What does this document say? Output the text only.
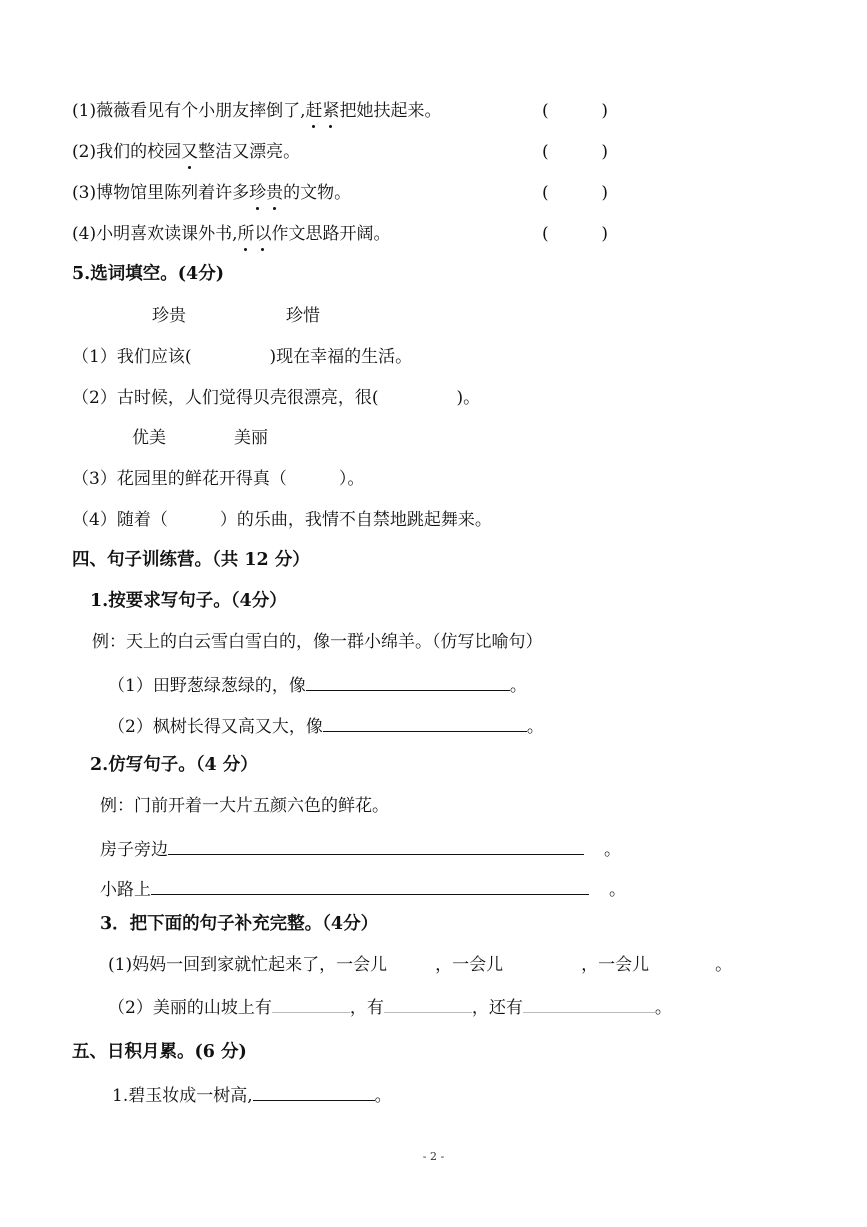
(1)薇薇看见有个小朋友摔倒了,赶紧把她扶起来。	(	)
(2)我们的校园又整洁又漂亮。	(	)
(3)博物馆里陈列着许多珍贵的文物。	(	)
(4)小明喜欢读课外书,所以作文思路开阔。	(	)
5.选词填空。(4分)
珍贵	珍惜
（1）我们应该(	)现在幸福的生活。
（2）古时候，人们觉得贝壳很漂亮，很(	)。
优美	美丽
（3）花园里的鲜花开得真（	）。
（4）随着（	）的乐曲，我情不自禁地跳起舞来。
四、句子训练营。（共 12 分）
1.按要求写句子。（4分）
例：天上的白云雪白雪白的，像一群小绵羊。（仿写比喻句）
（1）田野葱绿葱绿的，像	。
（2）枫树长得又高又大，像	。
2.仿写句子。（4 分）
例：门前开着一大片五颜六色的鲜花。
房子旁边	。
小路上	。
3．把下面的句子补充完整。（4分）
(1)妈妈一回到家就忙起来了，一会儿	，一会儿	，一会儿	。
（2）美丽的山坡上有	，有	，还有	。
五、日积月累。(6 分)
1.碧玉妆成一树高,	。
- 2 -
